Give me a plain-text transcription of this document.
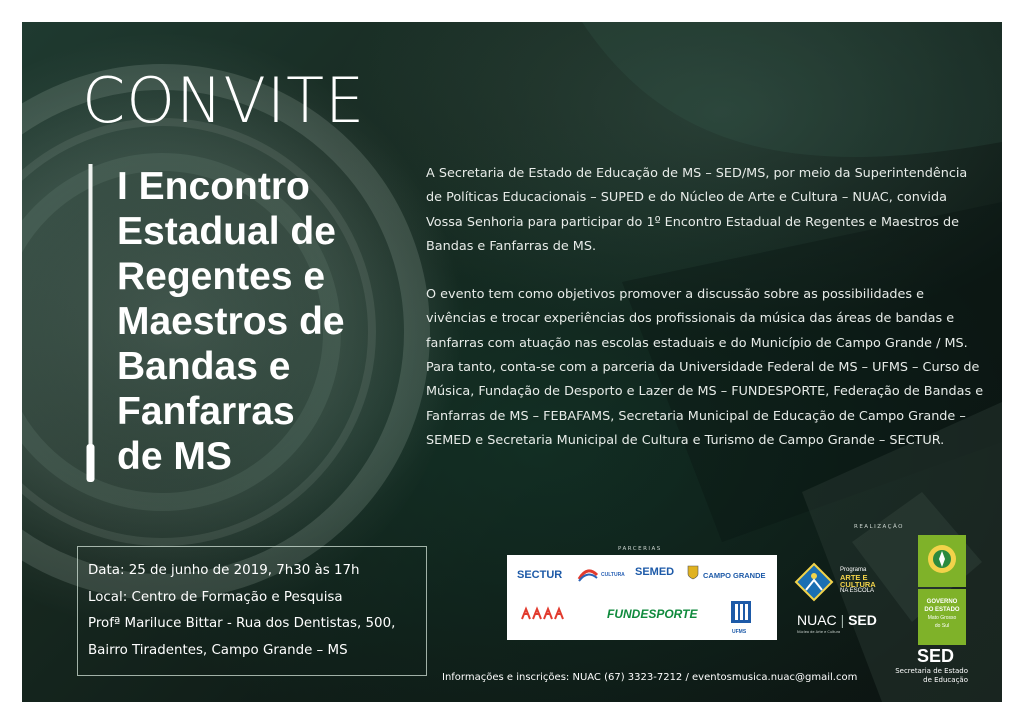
CONVITE
I Encontro
Estadual de
Regentes e
Maestros de
Bandas e
Fanfarras
de MS

A Secretaria de Estado de Educação de MS – SED/MS, por meio da Superintendência de Políticas Educacionais – SUPED e do Núcleo de Arte e Cultura – NUAC, convida Vossa Senhoria para participar do 1º Encontro Estadual de Regentes e Maestros de Bandas e Fanfarras de MS.

O evento tem como objetivos promover a discussão sobre as possibilidades e vivências e trocar experiências dos profissionais da música das áreas de bandas e fanfarras com atuação nas escolas estaduais e do Município de Campo Grande / MS. Para tanto, conta-se com a parceria da Universidade Federal de MS – UFMS – Curso de Música, Fundação de Desporto e Lazer de MS – FUNDESPORTE, Federação de Bandas e Fanfarras de MS – FEBAFAMS, Secretaria Municipal de Educação de Campo Grande – SEMED e Secretaria Municipal de Cultura e Turismo de Campo Grande – SECTUR.

Data: 25 de junho de 2019, 7h30 às 17h
Local: Centro de Formação e Pesquisa
Profª Mariluce Bittar - Rua dos Dentistas, 500,
Bairro Tiradentes, Campo Grande – MS
PARCERIAS
REALIZAÇÃO
SECTUR	CULTURA SEMED	CAMPO GRANDE
FUNDESPORTE
UFMS
Programa
ARTE E
CULTURA
NA ESCOLA
NUAC | SED
Núcleo de Arte e Cultura
GOVERNO
DO ESTADO
Mato Grosso
do Sul
SED
Secretaria de Estado
de Educação
Informações e inscrições: NUAC (67) 3323-7212 / eventosmusica.nuac@gmail.com
